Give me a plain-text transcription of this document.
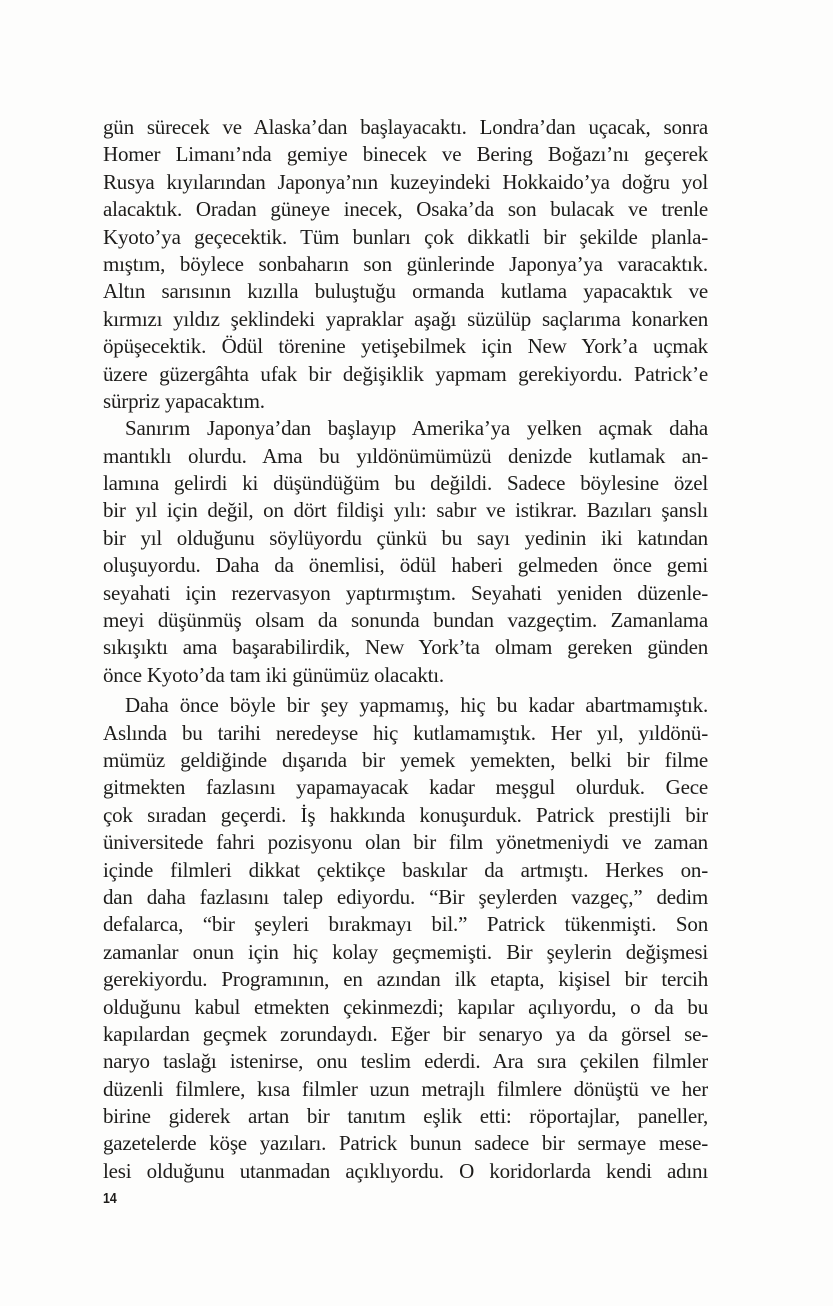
gün sürecek ve Alaska’dan başlayacaktı. Londra’dan uçacak, sonra
Homer Limanı’nda gemiye binecek ve Bering Boğazı’nı geçerek
Rusya kıyılarından Japonya’nın kuzeyindeki Hokkaido’ya doğru yol
alacaktık. Oradan güneye inecek, Osaka’da son bulacak ve trenle
Kyoto’ya geçecektik. Tüm bunları çok dikkatli bir şekilde planla-
mıştım, böylece sonbaharın son günlerinde Japonya’ya varacaktık.
Altın sarısının kızılla buluştuğu ormanda kutlama yapacaktık ve
kırmızı yıldız şeklindeki yapraklar aşağı süzülüp saçlarıma konarken
öpüşecektik. Ödül törenine yetişebilmek için New York’a uçmak
üzere güzergâhta ufak bir değişiklik yapmam gerekiyordu. Patrick’e
sürpriz yapacaktım.
Sanırım Japonya’dan başlayıp Amerika’ya yelken açmak daha
mantıklı olurdu. Ama bu yıldönümümüzü denizde kutlamak an-
lamına gelirdi ki düşündüğüm bu değildi. Sadece böylesine özel
bir yıl için değil, on dört fildişi yılı: sabır ve istikrar. Bazıları şanslı
bir yıl olduğunu söylüyordu çünkü bu sayı yedinin iki katından
oluşuyordu. Daha da önemlisi, ödül haberi gelmeden önce gemi
seyahati için rezervasyon yaptırmıştım. Seyahati yeniden düzenle-
meyi düşünmüş olsam da sonunda bundan vazgeçtim. Zamanlama
sıkışıktı ama başarabilirdik, New York’ta olmam gereken günden
önce Kyoto’da tam iki günümüz olacaktı.
Daha önce böyle bir şey yapmamış, hiç bu kadar abartmamıştık.
Aslında bu tarihi neredeyse hiç kutlamamıştık. Her yıl, yıldönü-
mümüz geldiğinde dışarıda bir yemek yemekten, belki bir filme
gitmekten fazlasını yapamayacak kadar meşgul olurduk. Gece
çok sıradan geçerdi. İş hakkında konuşurduk. Patrick prestijli bir
üniversitede fahri pozisyonu olan bir film yönetmeniydi ve zaman
içinde filmleri dikkat çektikçe baskılar da artmıştı. Herkes on-
dan daha fazlasını talep ediyordu. “Bir şeylerden vazgeç,” dedim
defalarca, “bir şeyleri bırakmayı bil.” Patrick tükenmişti. Son
zamanlar onun için hiç kolay geçmemişti. Bir şeylerin değişmesi
gerekiyordu. Programının, en azından ilk etapta, kişisel bir tercih
olduğunu kabul etmekten çekinmezdi; kapılar açılıyordu, o da bu
kapılardan geçmek zorundaydı. Eğer bir senaryo ya da görsel se-
naryo taslağı istenirse, onu teslim ederdi. Ara sıra çekilen filmler
düzenli filmlere, kısa filmler uzun metrajlı filmlere dönüştü ve her
birine giderek artan bir tanıtım eşlik etti: röportajlar, paneller,
gazetelerde köşe yazıları. Patrick bunun sadece bir sermaye mese-
lesi olduğunu utanmadan açıklıyordu. O koridorlarda kendi adını
14
